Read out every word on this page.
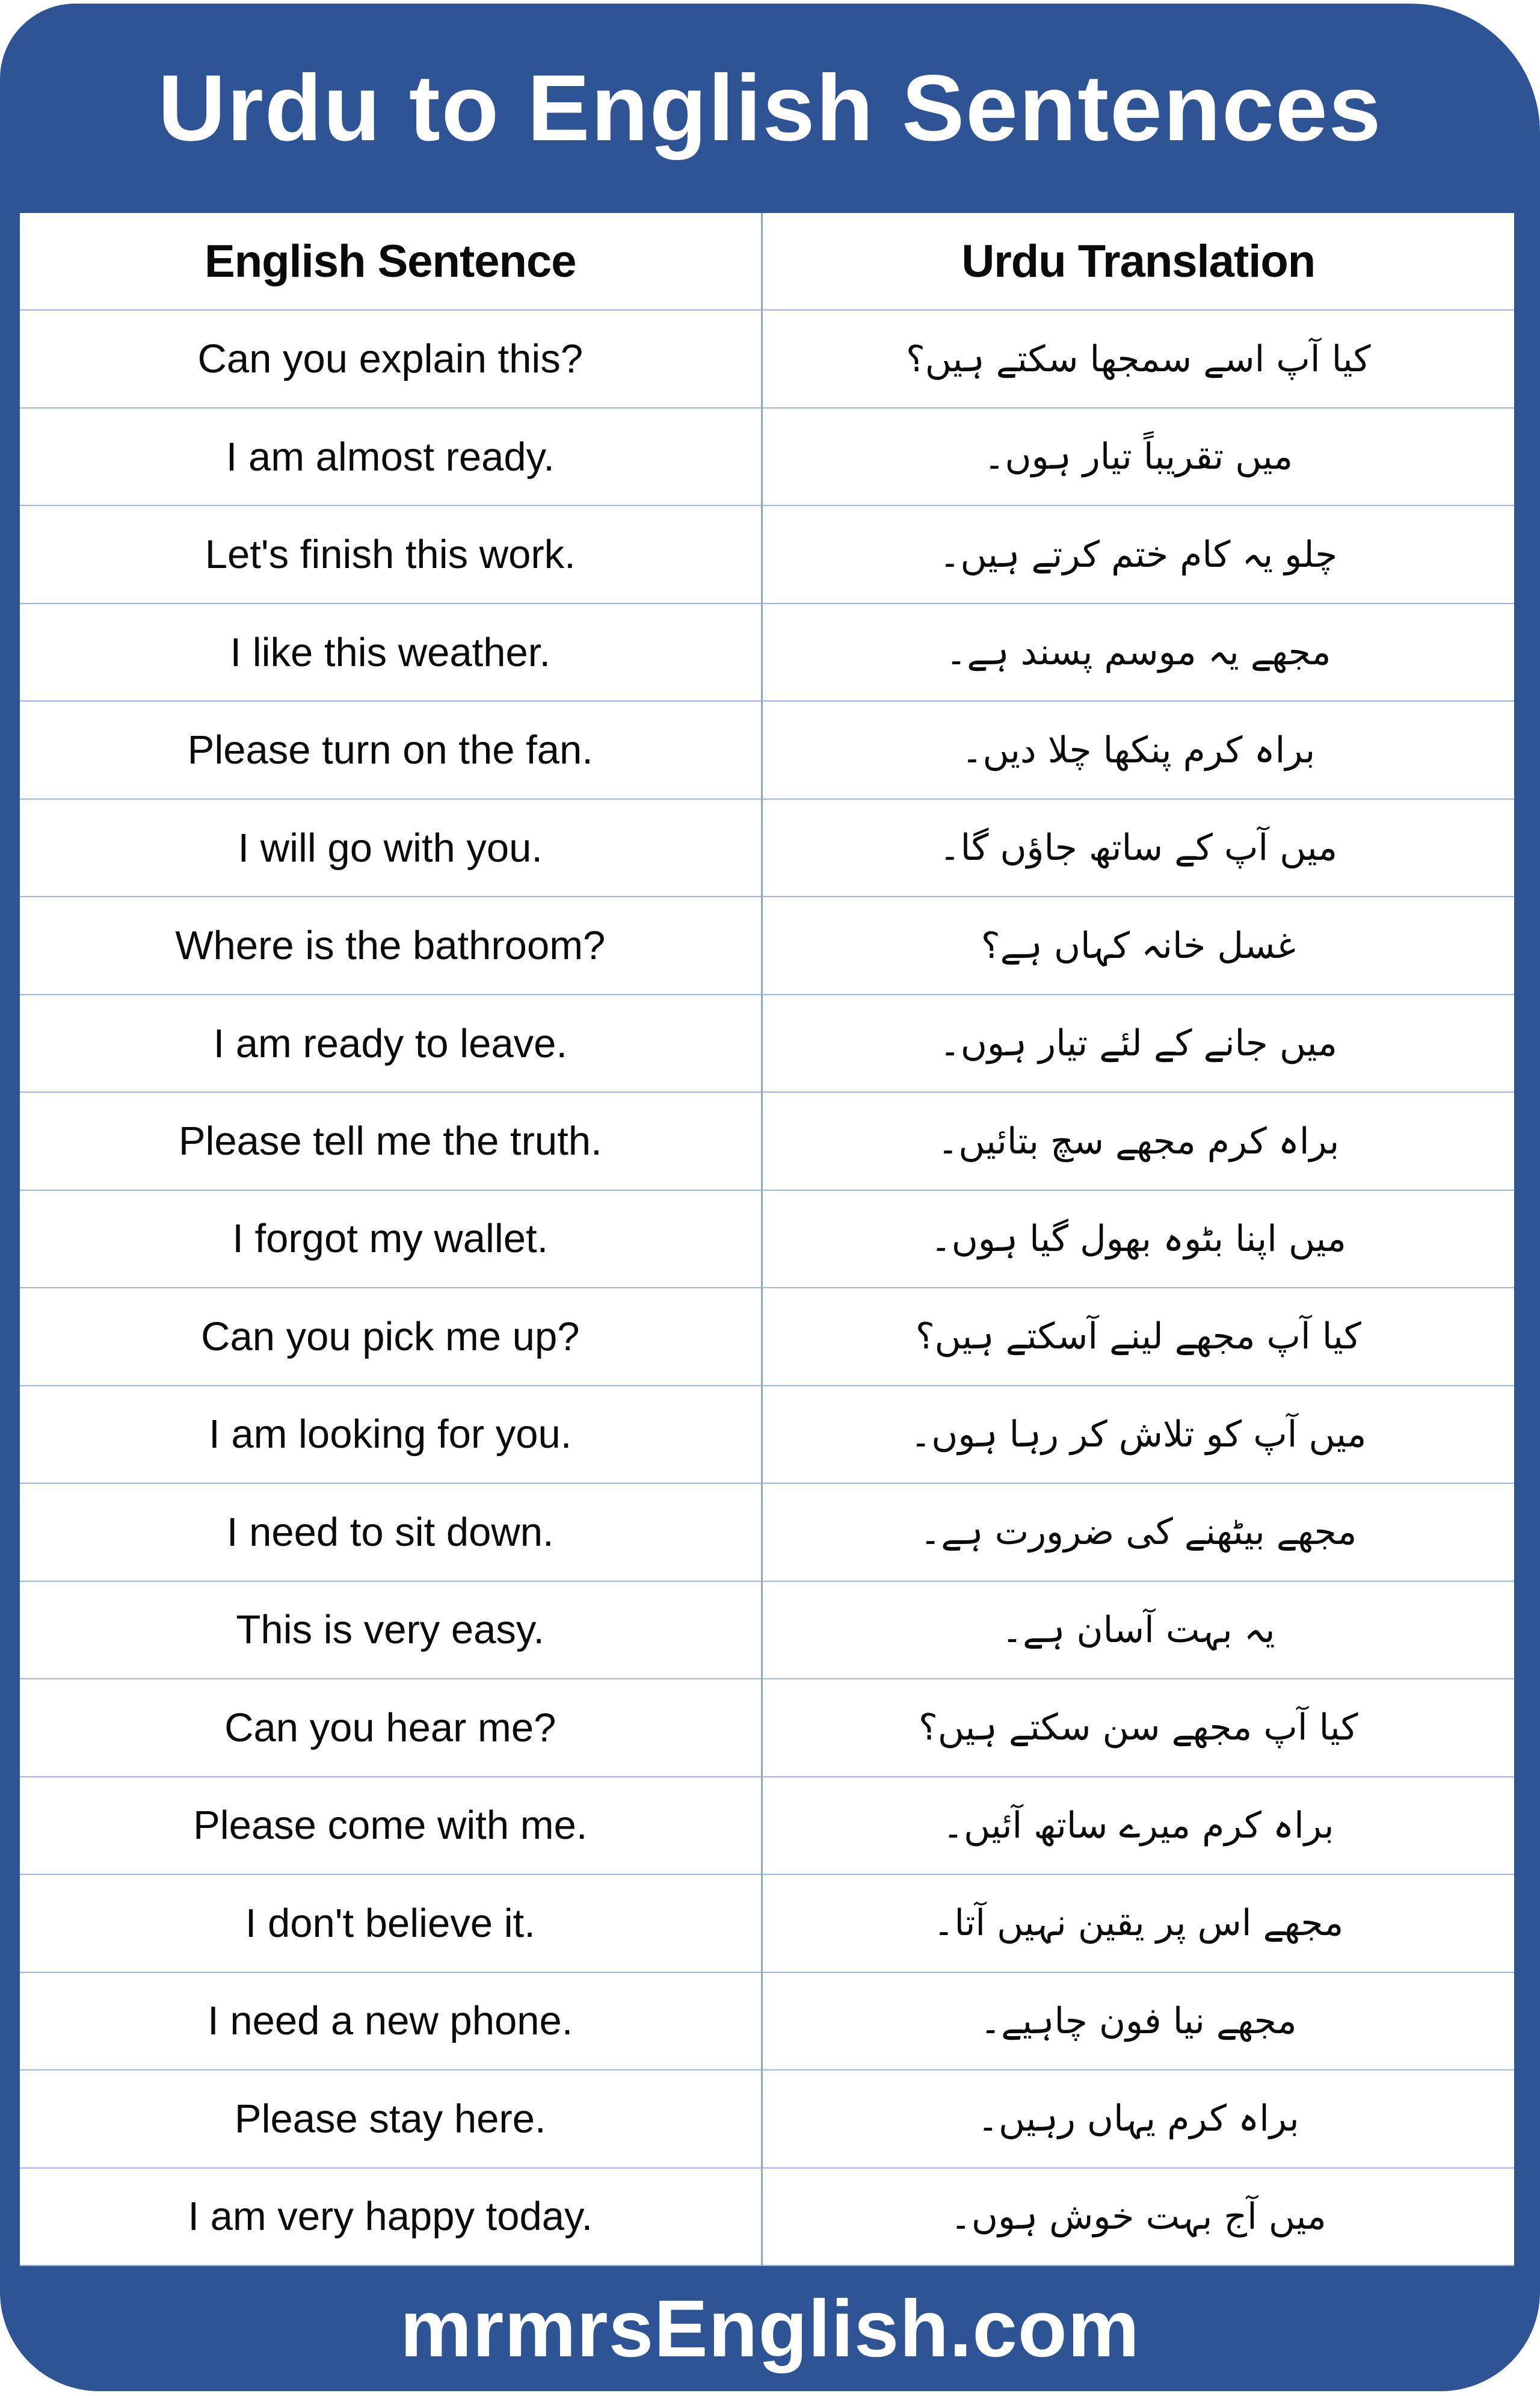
Urdu to English Sentences
English Sentence	Urdu Translation
Can you explain this?	کیا آپ اسے سمجھا سکتے ہیں؟
I am almost ready.	میں تقریباً تیار ہوں۔
Let's finish this work.	چلو یہ کام ختم کرتے ہیں۔
I like this weather.	مجھے یہ موسم پسند ہے۔
Please turn on the fan.	براہ کرم پنکھا چلا دیں۔
I will go with you.	میں آپ کے ساتھ جاؤں گا۔
Where is the bathroom?	غسل خانہ کہاں ہے؟
I am ready to leave.	میں جانے کے لئے تیار ہوں۔
Please tell me the truth.	براہ کرم مجھے سچ بتائیں۔
I forgot my wallet.	میں اپنا بٹوہ بھول گیا ہوں۔
Can you pick me up?	کیا آپ مجھے لینے آسکتے ہیں؟
I am looking for you.	میں آپ کو تلاش کر رہا ہوں۔
I need to sit down.	مجھے بیٹھنے کی ضرورت ہے۔
This is very easy.	یہ بہت آسان ہے۔
Can you hear me?	کیا آپ مجھے سن سکتے ہیں؟
Please come with me.	براہ کرم میرے ساتھ آئیں۔
I don't believe it.	مجھے اس پر یقین نہیں آتا۔
I need a new phone.	مجھے نیا فون چاہیے۔
Please stay here.	براہ کرم یہاں رہیں۔
I am very happy today.	میں آج بہت خوش ہوں۔
mrmrsEnglish.com
